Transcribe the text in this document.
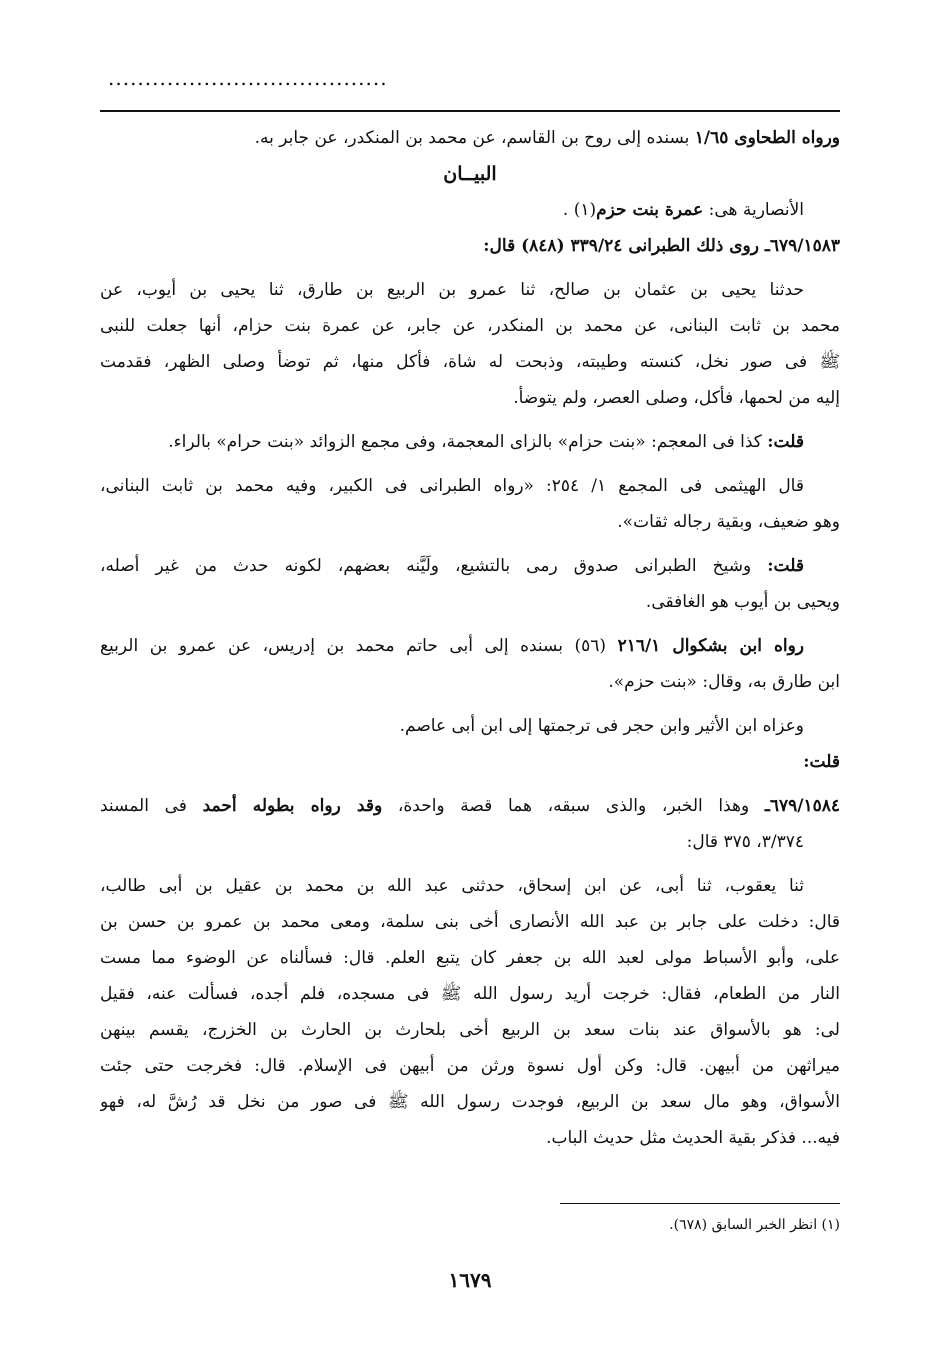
......................................
ورواه الطحاوى ١/٦٥ بسنده إلى روح بن القاسم، عن محمد بن المنكدر، عن جابر به.
البيــان
الأنصارية هى: عمرة بنت حزم(١) .
٦٧٩/١٥٨٣ـ روى ذلك الطبرانى ٣٣٩/٢٤ (٨٤٨) قال:
حدثنا يحيى بن عثمان بن صالح، ثنا عمرو بن الربيع بن طارق، ثنا يحيى بن أيوب، عن
محمد بن ثابت البنانى، عن محمد بن المنكدر، عن جابر، عن عمرة بنت حزام، أنها جعلت للنبى
ﷺ فى صور نخل، كنسته وطيبته، وذبحت له شاة، فأكل منها، ثم توضأ وصلى الظهر، فقدمت
إليه من لحمها، فأكل، وصلى العصر، ولم يتوضأ.
قلت: كذا فى المعجم: «بنت حزام» بالزاى المعجمة، وفى مجمع الزوائد «بنت حرام» بالراء.
قال الهيثمى فى المجمع ١/ ٢٥٤: «رواه الطبرانى فى الكبير، وفيه محمد بن ثابت البنانى،
وهو ضعيف، وبقية رجاله ثقات».
قلت: وشيخ الطبرانى صدوق رمى بالتشيع، ولَيَّنه بعضهم، لكونه حدث من غير أصله،
ويحيى بن أيوب هو الغافقى.
رواه ابن بشكوال ٢١٦/١ (٥٦) بسنده إلى أبى حاتم محمد بن إدريس، عن عمرو بن الربيع
ابن طارق به، وقال: «بنت حزم».
وعزاه ابن الأثير وابن حجر فى ترجمتها إلى ابن أبى عاصم.
قلت:
٦٧٩/١٥٨٤ـ وهذا الخبر، والذى سبقه، هما قصة واحدة، وقد رواه بطوله أحمد فى المسند
٣/٣٧٤، ٣٧٥ قال:
ثنا يعقوب، ثنا أبى، عن ابن إسحاق، حدثنى عبد الله بن محمد بن عقيل بن أبى طالب،
قال: دخلت على جابر بن عبد الله الأنصارى أخى بنى سلمة، ومعى محمد بن عمرو بن حسن بن
على، وأبو الأسباط مولى لعبد الله بن جعفر كان يتبع العلم. قال: فسألناه عن الوضوء مما مست
النار من الطعام، فقال: خرجت أريد رسول الله ﷺ فى مسجده، فلم أجده، فسألت عنه، فقيل
لى: هو بالأسواق عند بنات سعد بن الربيع أخى بلحارث بن الحارث بن الخزرج، يقسم بينهن
ميراثهن من أبيهن. قال: وكن أول نسوة ورثن من أبيهن فى الإسلام. قال: فخرجت حتى جئت
الأسواق، وهو مال سعد بن الربيع، فوجدت رسول الله ﷺ فى صور من نخل قد رُشَّ له، فهو
فيه... فذكر بقية الحديث مثل حديث الباب.
(١) انظر الخبر السابق (٦٧٨).
١٦٧٩
